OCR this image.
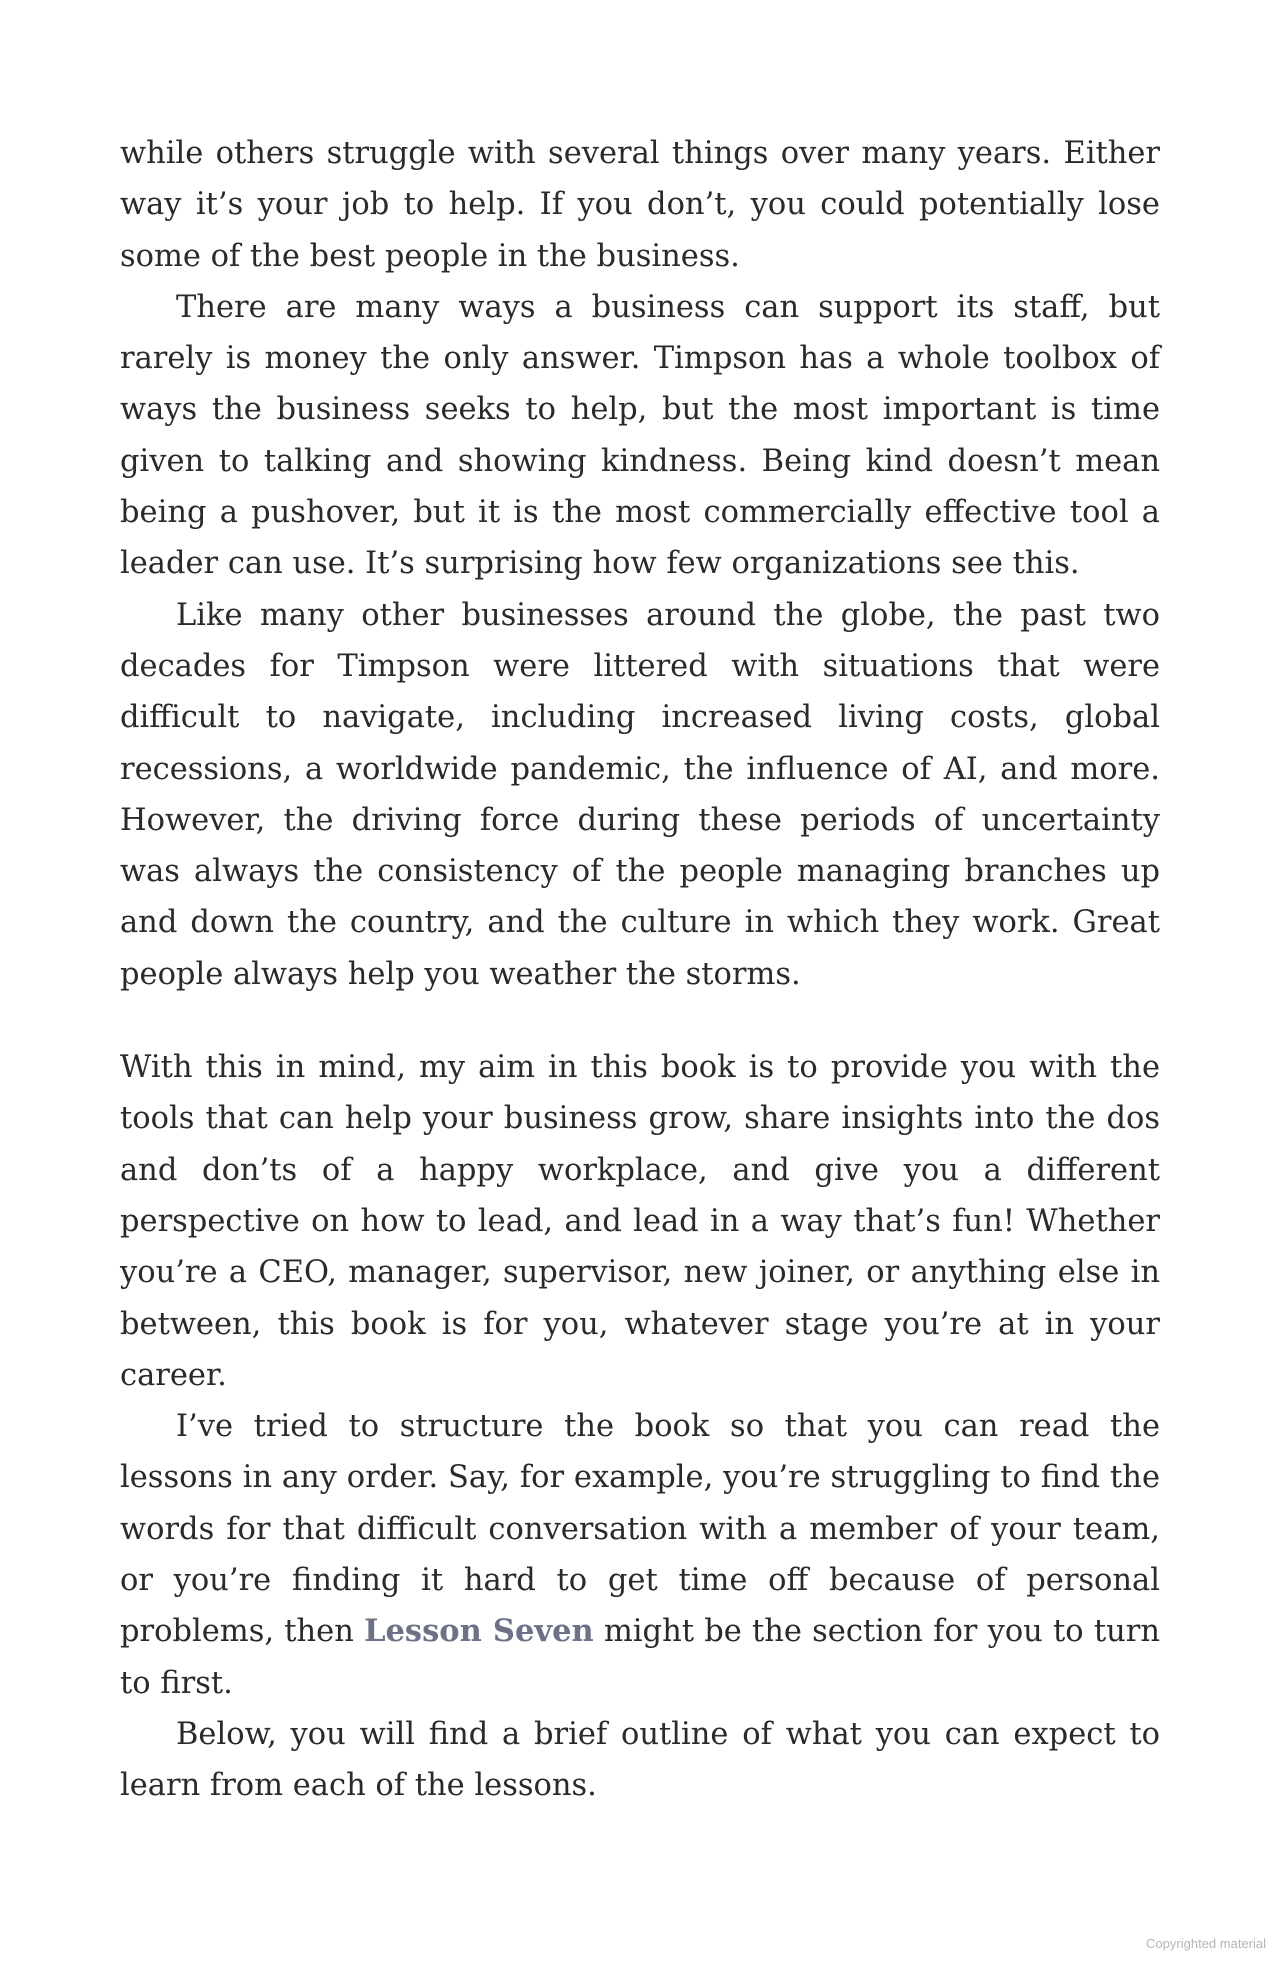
while others struggle with several things over many years. Either way it’s your job to help. If you don’t, you could potentially lose some of the best people in the business.

There are many ways a business can support its staff, but rarely is money the only answer. Timpson has a whole toolbox of ways the business seeks to help, but the most important is time given to talking and showing kindness. Being kind doesn’t mean being a pushover, but it is the most commercially effective tool a leader can use. It’s surprising how few organizations see this.

Like many other businesses around the globe, the past two decades for Timpson were littered with situations that were difficult to navigate, including increased living costs, global recessions, a worldwide pandemic, the influence of AI, and more. However, the driving force during these periods of uncertainty was always the consistency of the people managing branches up and down the country, and the culture in which they work. Great people always help you weather the storms.

With this in mind, my aim in this book is to provide you with the tools that can help your business grow, share insights into the dos and don’ts of a happy workplace, and give you a different perspective on how to lead, and lead in a way that’s fun! Whether you’re a CEO, manager, supervisor, new joiner, or anything else in between, this book is for you, whatever stage you’re at in your career.

I’ve tried to structure the book so that you can read the lessons in any order. Say, for example, you’re struggling to find the words for that difficult conversation with a member of your team, or you’re finding it hard to get time off because of personal problems, then Lesson Seven might be the section for you to turn to first.

Below, you will find a brief outline of what you can expect to learn from each of the lessons.

Copyrighted material
